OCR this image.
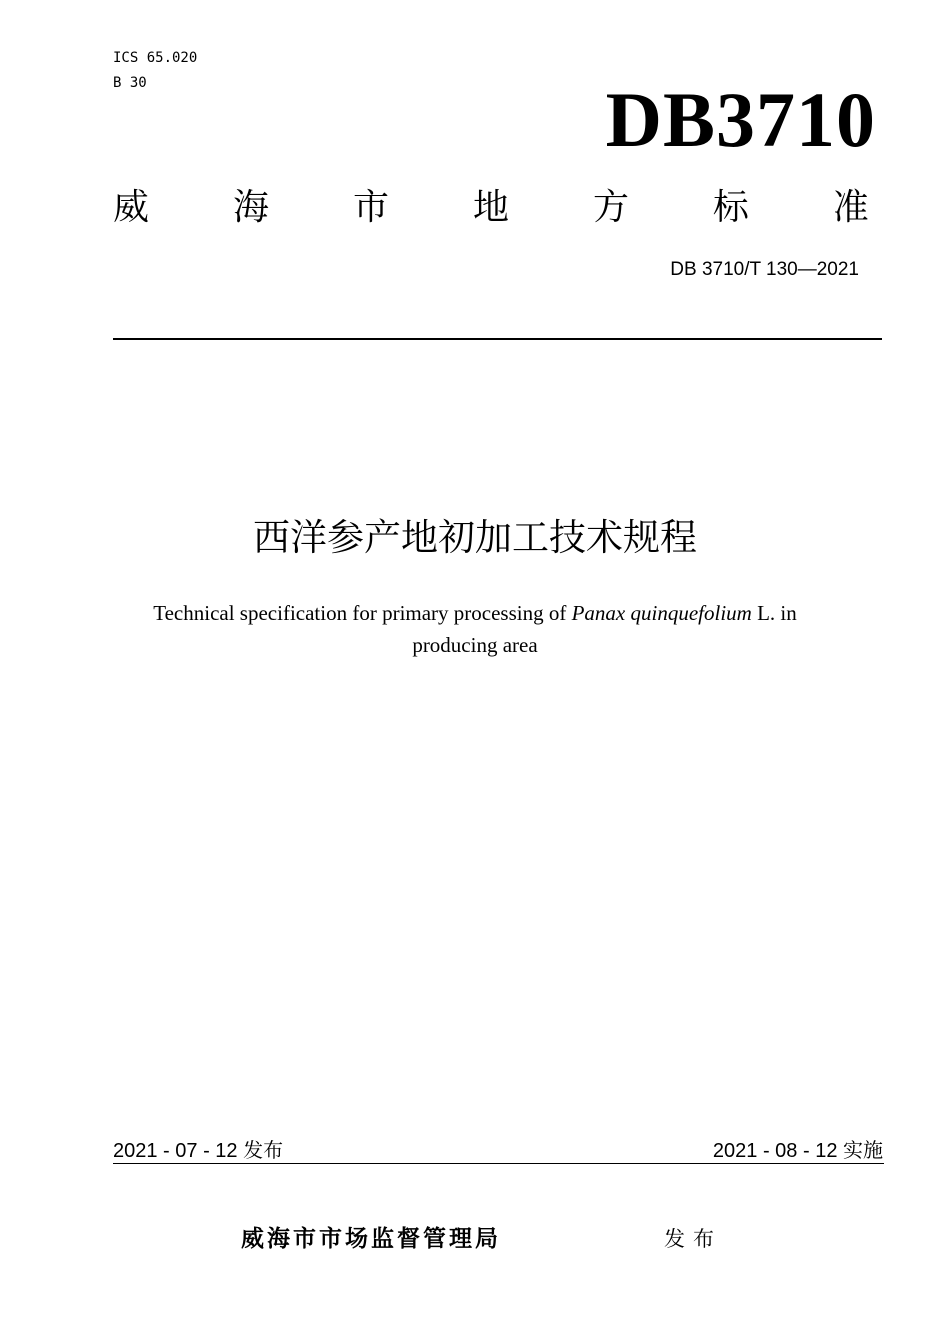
ICS 65.020
B 30	DB3710
威 海 市 地 方 标 准
DB 3710/T 130—2021
西洋参产地初加工技术规程
Technical specification for primary processing of Panax quinquefolium L. in
producing area
2021 - 07 - 12 发布	2021 - 08 - 12 实施
威海市市场监督管理局	发布
